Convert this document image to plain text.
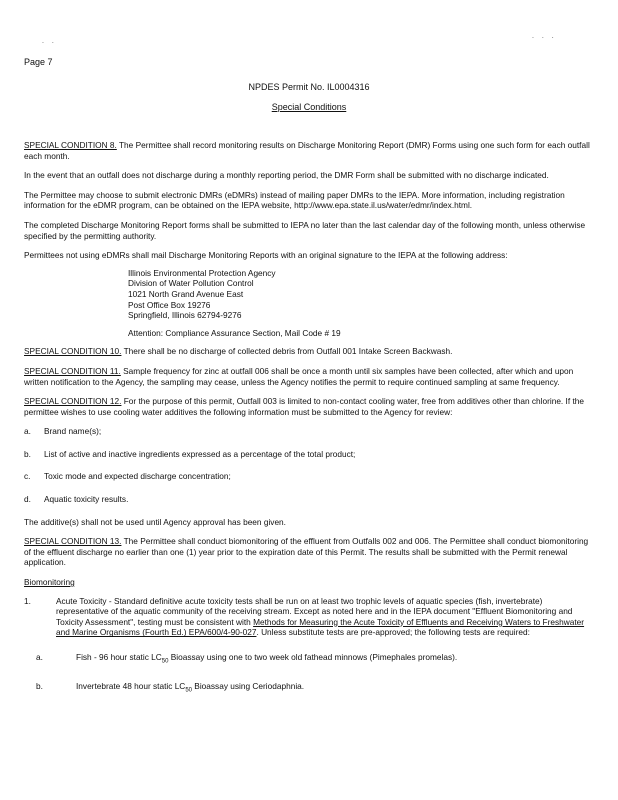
. .
. . .
Page 7
NPDES Permit No. IL0004316
Special Conditions

SPECIAL CONDITION 8. The Permittee shall record monitoring results on Discharge Monitoring Report (DMR) Forms using one such form for each outfall each month.

In the event that an outfall does not discharge during a monthly reporting period, the DMR Form shall be submitted with no discharge indicated.

The Permittee may choose to submit electronic DMRs (eDMRs) instead of mailing paper DMRs to the IEPA. More information, including registration information for the eDMR program, can be obtained on the IEPA website, http://www.epa.state.il.us/water/edmr/index.html.

The completed Discharge Monitoring Report forms shall be submitted to IEPA no later than the last calendar day of the following month, unless otherwise specified by the permitting authority.

Permittees not using eDMRs shall mail Discharge Monitoring Reports with an original signature to the IEPA at the following address:

Illinois Environmental Protection Agency
Division of Water Pollution Control
1021 North Grand Avenue East
Post Office Box 19276
Springfield, Illinois 62794-9276
Attention: Compliance Assurance Section, Mail Code # 19

SPECIAL CONDITION 10. There shall be no discharge of collected debris from Outfall 001 Intake Screen Backwash.

SPECIAL CONDITION 11. Sample frequency for zinc at outfall 006 shall be once a month until six samples have been collected, after which and upon written notification to the Agency, the sampling may cease, unless the Agency notifies the permit to require continued sampling at same frequency.

SPECIAL CONDITION 12. For the purpose of this permit, Outfall 003 is limited to non-contact cooling water, free from additives other than chlorine. If the permittee wishes to use cooling water additives the following information must be submitted to the Agency for review:

a.	Brand name(s);
b.	List of active and inactive ingredients expressed as a percentage of the total product;
c.	Toxic mode and expected discharge concentration;
d.	Aquatic toxicity results.

The additive(s) shall not be used until Agency approval has been given.

SPECIAL CONDITION 13. The Permittee shall conduct biomonitoring of the effluent from Outfalls 002 and 006. The Permittee shall conduct biomonitoring of the effluent discharge no earlier than one (1) year prior to the expiration date of this Permit. The results shall be submitted with the Permit renewal application.

Biomonitoring
1.	Acute Toxicity - Standard definitive acute toxicity tests shall be run on at least two trophic levels of aquatic species (fish, invertebrate) representative of the aquatic community of the receiving stream. Except as noted here and in the IEPA document "Effluent Biomonitoring and Toxicity Assessment", testing must be consistent with Methods for Measuring the Acute Toxicity of Effluents and Receiving Waters to Freshwater and Marine Organisms (Fourth Ed.) EPA/600/4-90-027. Unless substitute tests are pre-approved; the following tests are required:
a.	Fish - 96 hour static $LC_{50}$ Bioassay using one to two week old fathead minnows (Pimephales promelas).
b.	Invertebrate 48 hour static $LC_{50}$ Bioassay using Ceriodaphnia.
